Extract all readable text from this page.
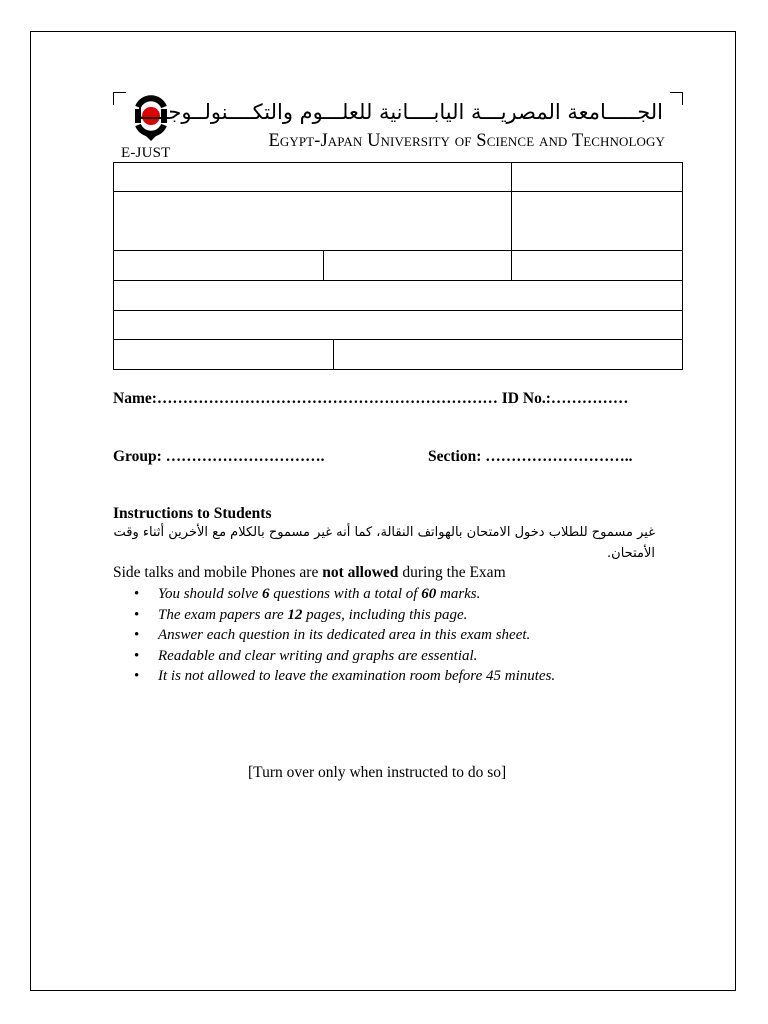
E-JUST
الجـــــامعة المصريـــة اليابــــانية للعلـــوم والتكــــنولــوجيـــا
Egypt-Japan University of Science and Technology
Name:………………………………………………………… ID No.:……………
Group: ………………………….	Section: ………………………..
Instructions to Students
غير مسموح للطلاب دخول الامتحان بالهواتف النقالة، كما أنه غير مسموح بالكلام مع الأخرين أثناء وقت الأمتحان.
Side talks and mobile Phones are not allowed during the Exam
• You should solve 6 questions with a total of 60 marks.
• The exam papers are 12 pages, including this page.
• Answer each question in its dedicated area in this exam sheet.
• Readable and clear writing and graphs are essential.
• It is not allowed to leave the examination room before 45 minutes.
[Turn over only when instructed to do so]
